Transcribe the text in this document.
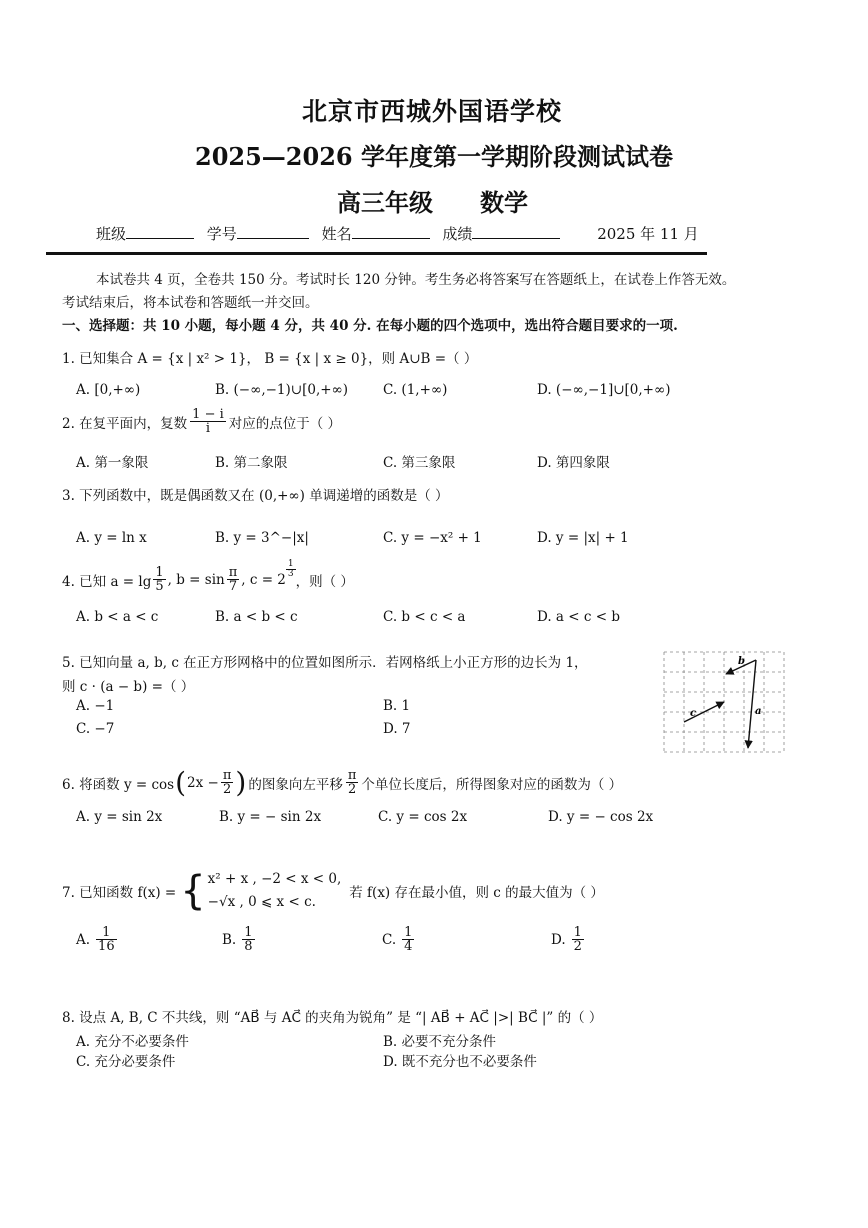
北京市西城外国语学校
2025—2026 学年度第一学期阶段测试试卷
高三年级 数学
班级	学号	姓名	成绩	2025 年 11 月
本试卷共 4 页，全卷共 150 分。考试时长 120 分钟。考生务必将答案写在答题纸上，在试卷上作答无效。
考试结束后，将本试卷和答题纸一并交回。
一、选择题：共 10 小题，每小题 4 分，共 40 分. 在每小题的四个选项中，选出符合题目要求的一项.
1. 已知集合 A = {x | x² > 1}， B = {x | x ≥ 0}，则 A∪B =（ ）
A. [0,+∞)	B. (−∞,−1)∪[0,+∞)	C. (1,+∞)	D. (−∞,−1]∪[0,+∞)
2. 在复平面内，复数 $\frac{1 - i}{i}$ 对应的点位于（ ）
A. 第一象限	B. 第二象限	C. 第三象限	D. 第四象限
3. 下列函数中，既是偶函数又在 (0,+∞) 单调递增的函数是（ ）
A. y = ln x	B. y = 3^−|x|	C. y = −x² + 1	D. y = |x| + 1
4. 已知 $a = \lg \frac{1}{5}$ , $b = \sin \frac{\pi}{7}$ , c = 2
$\frac{1}{3}$
，则（ ）
A. b < a < c	B. a < b < c	C. b < c < a	D. a < c < b
5. 已知向量 a, b, c 在正方形网格中的位置如图所示．若网格纸上小正方形的边长为 1，
则 c · (a − b) =（ ）
A. −1	B. 1
C. −7	D. 7
c
b
a
6. 将函数 y = cos ( $2x - \frac{\pi}{2}$ ) 的图象向左平移 $\frac{\pi}{2}$ 个单位长度后，所得图象对应的函数为（ ）
A. y = sin 2x	B. y = − sin 2x	C. y = cos 2x	D. y = − cos 2x
7. 已知函数 f(x) = { x² + x , −2 < x < 0,
−√x , 0 ⩽ x < c.
若 f(x) 存在最小值，则 c 的最大值为（ ）
A. $\frac{1}{16}$	B. $\frac{1}{8}$	C. $\frac{1}{4}$	D. $\frac{1}{2}$
8. 设点 A, B, C 不共线，则 “AB⃗ 与 AC⃗ 的夹角为锐角” 是 “| AB⃗ + AC⃗ |>| BC⃗ |” 的（ ）
A. 充分不必要条件	B. 必要不充分条件
C. 充分必要条件	D. 既不充分也不必要条件
